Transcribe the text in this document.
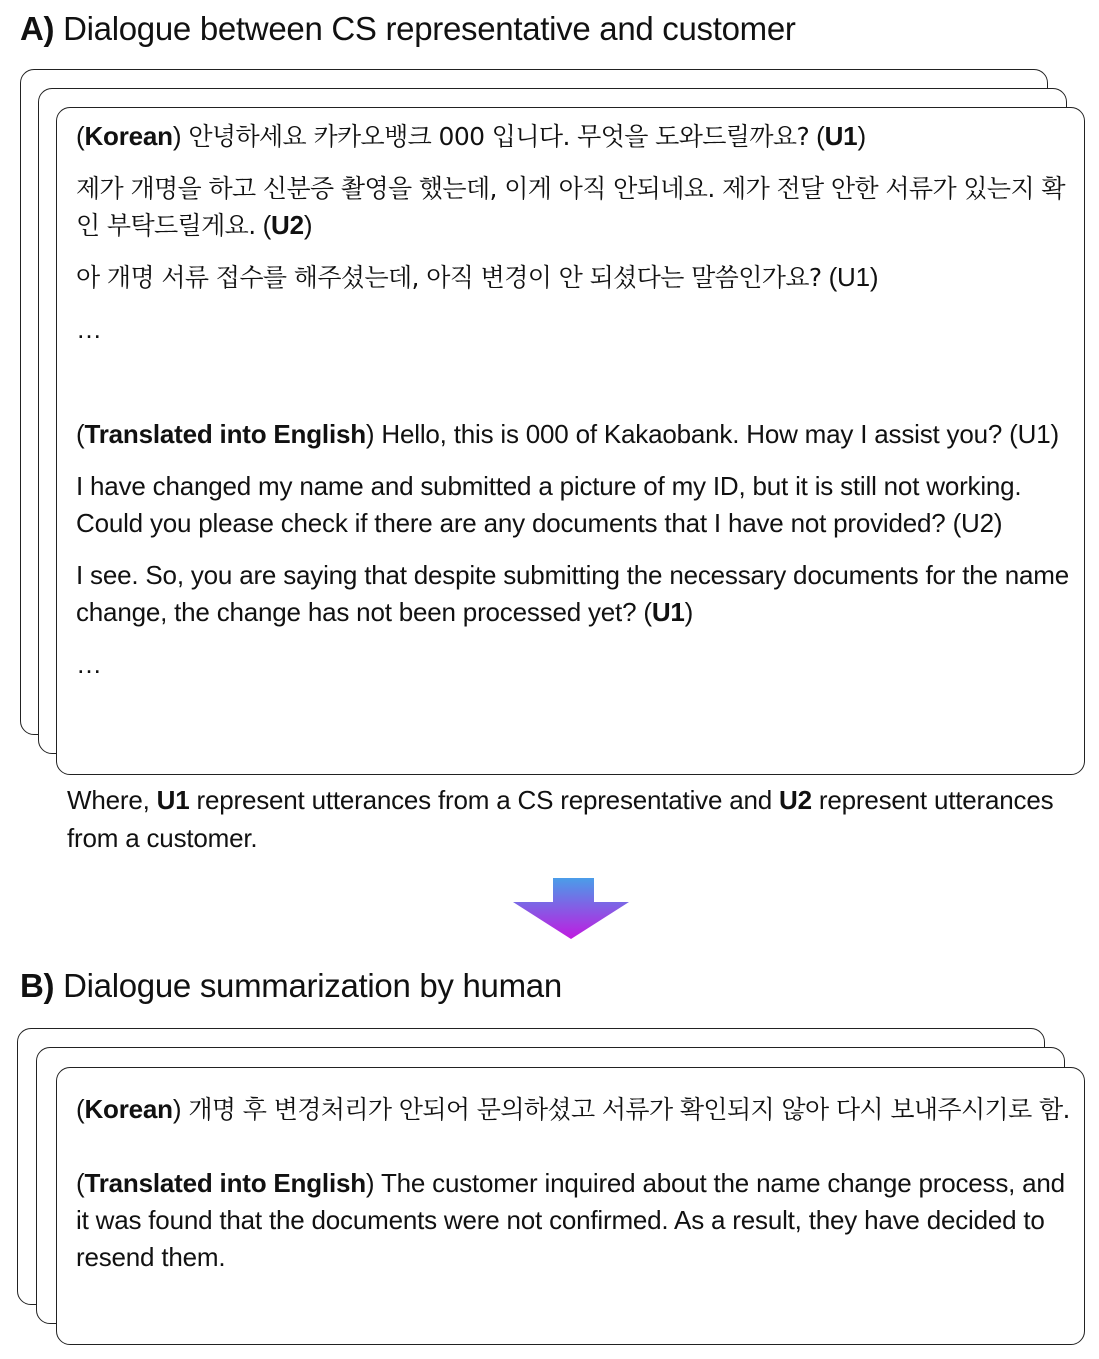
A) Dialogue between CS representative and customer

(Korean) 안녕하세요 카카오뱅크 000 입니다. 무엇을 도와드릴까요? (U1)

제가 개명을 하고 신분증 촬영을 했는데, 이게 아직 안되네요. 제가 전달 안한 서류가 있는지 확인 부탁드릴게요. (U2)

아 개명 서류 접수를 해주셨는데, 아직 변경이 안 되셨다는 말씀인가요? (U1)

…

(Translated into English) Hello, this is 000 of Kakaobank. How may I assist you? (U1)

I have changed my name and submitted a picture of my ID, but it is still not working. Could you please check if there are any documents that I have not provided? (U2)

I see. So, you are saying that despite submitting the necessary documents for the name change, the change has not been processed yet? (U1)

…

Where, U1 represent utterances from a CS representative and U2 represent utterances from a customer.
B) Dialogue summarization by human

(Korean) 개명 후 변경처리가 안되어 문의하셨고 서류가 확인되지 않아 다시 보내주시기로 함.

(Translated into English) The customer inquired about the name change process, and it was found that the documents were not confirmed. As a result, they have decided to resend them.
